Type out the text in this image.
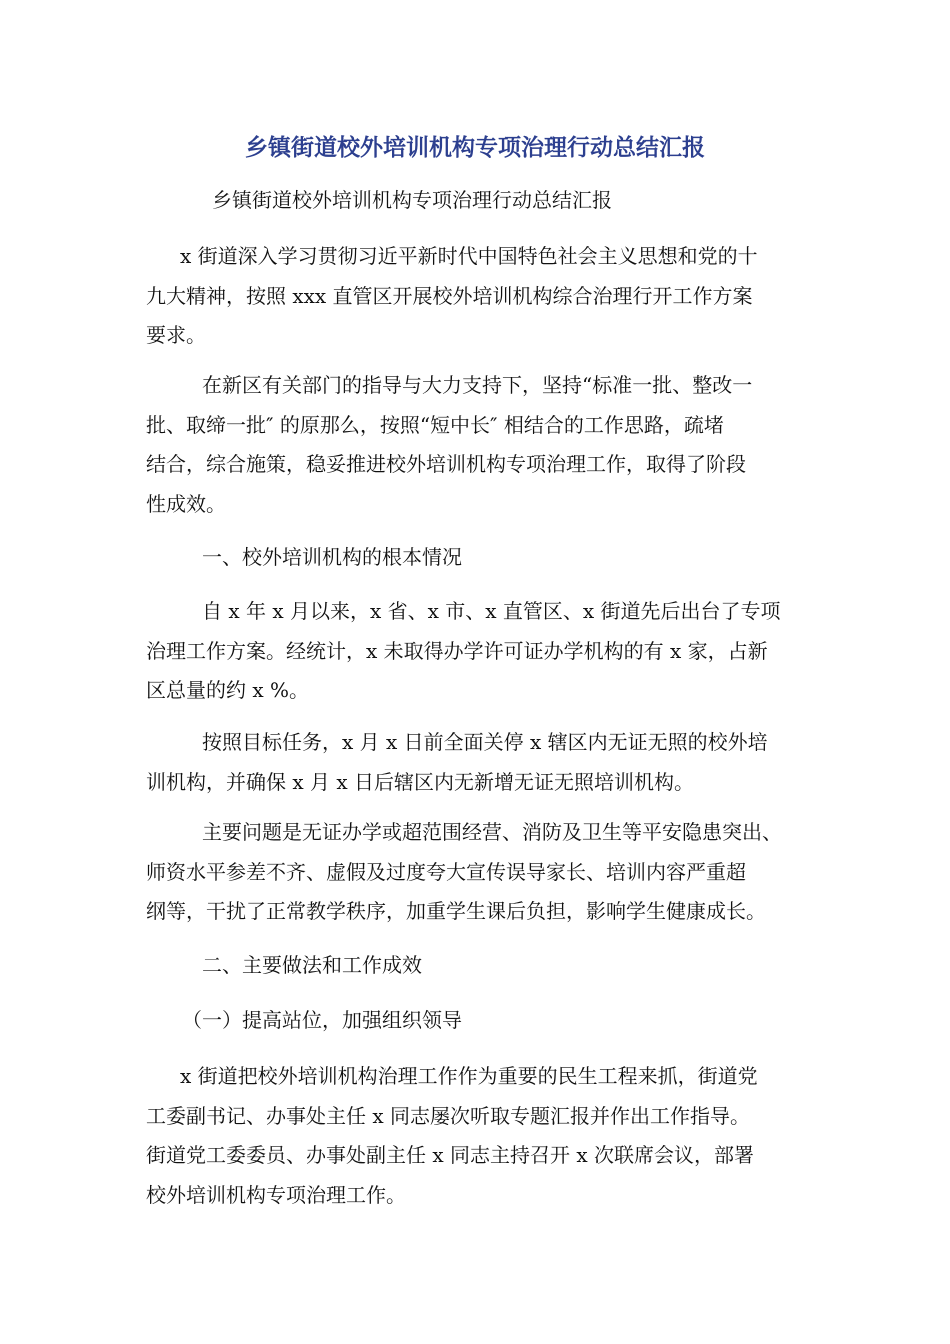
乡镇街道校外培训机构专项治理行动总结汇报
乡镇街道校外培训机构专项治理行动总结汇报
x 街道深入学习贯彻习近平新时代中国特色社会主义思想和党的十
九大精神，按照 xxx 直管区开展校外培训机构综合治理行开工作方案
要求。
在新区有关部门的指导与大力支持下，坚持“标准一批、整改一
批、取缔一批″ 的原那么，按照“短中长″ 相结合的工作思路，疏堵
结合，综合施策，稳妥推进校外培训机构专项治理工作，取得了阶段
性成效。
一、校外培训机构的根本情况
自 x 年 x 月以来，x 省、x 市、x 直管区、x 街道先后出台了专项
治理工作方案。经统计，x 未取得办学许可证办学机构的有 x 家，占新
区总量的约 x %。
按照目标任务，x 月 x 日前全面关停 x 辖区内无证无照的校外培
训机构，并确保 x 月 x 日后辖区内无新增无证无照培训机构。
主要问题是无证办学或超范围经营、消防及卫生等平安隐患突出、
师资水平参差不齐、虚假及过度夸大宣传误导家长、培训内容严重超
纲等，干扰了正常教学秩序，加重学生课后负担，影响学生健康成长。
二、主要做法和工作成效
（一）提高站位，加强组织领导
x 街道把校外培训机构治理工作作为重要的民生工程来抓，街道党
工委副书记、办事处主任 x 同志屡次听取专题汇报并作出工作指导。
街道党工委委员、办事处副主任 x 同志主持召开 x 次联席会议，部署
校外培训机构专项治理工作。
